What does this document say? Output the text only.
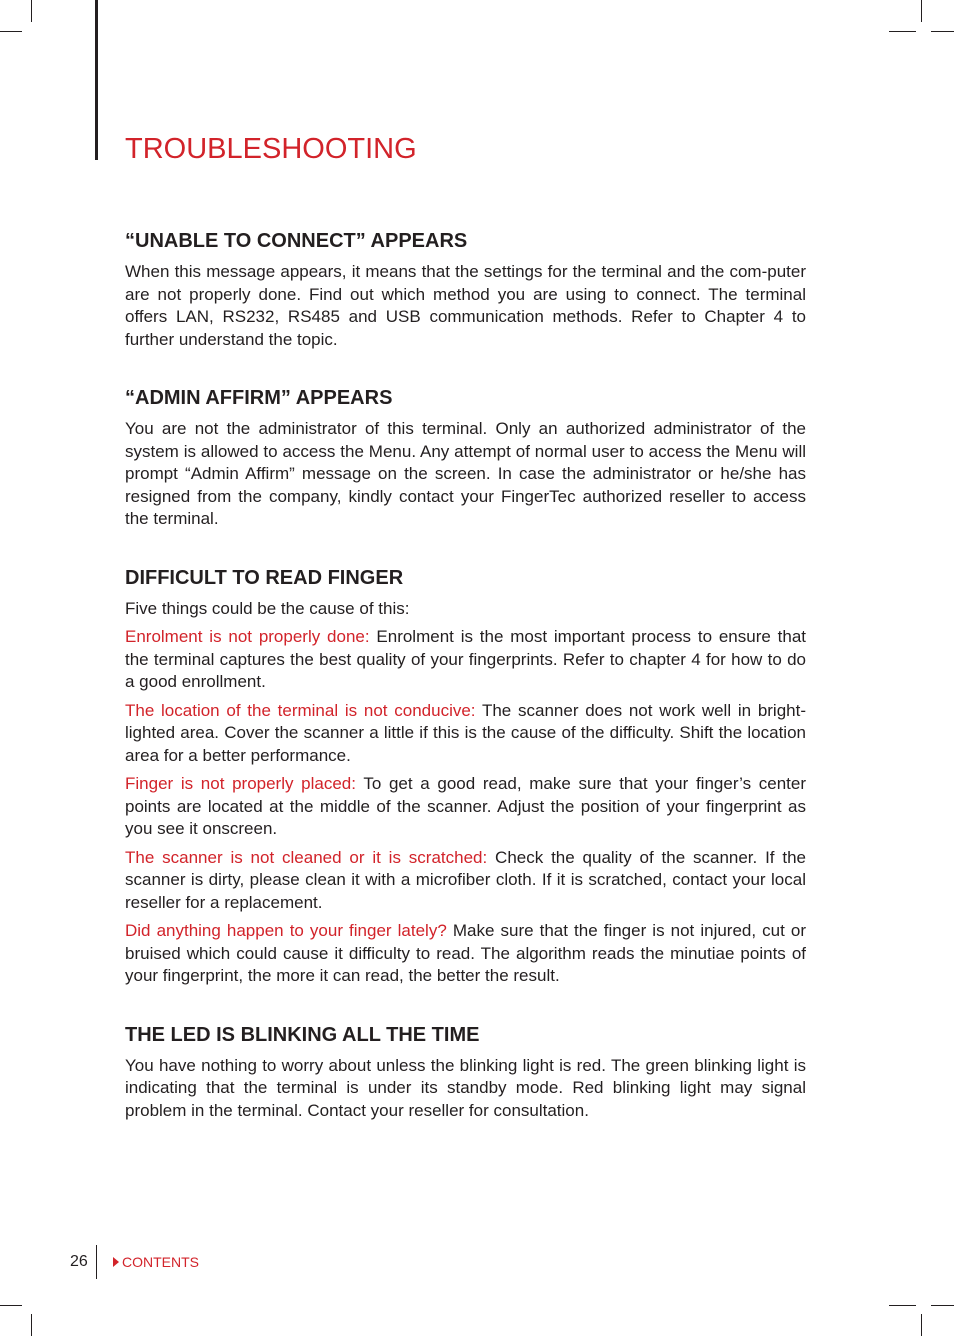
TROUBLESHOOTING
“UNABLE TO CONNECT” APPEARS

When this message appears, it means that the settings for the terminal and the com-puter are not properly done. Find out which method you are using to connect. The terminal offers LAN, RS232, RS485 and USB communication methods. Refer to Chapter 4 to further understand the topic.

“ADMIN AFFIRM” APPEARS

You are not the administrator of this terminal. Only an authorized administrator of the system is allowed to access the Menu. Any attempt of normal user to access the Menu will prompt “Admin Affirm” message on the screen. In case the administrator or he/she has resigned from the company, kindly contact your FingerTec authorized reseller to access the terminal.

DIFFICULT TO READ FINGER

Five things could be the cause of this:

Enrolment is not properly done: Enrolment is the most important process to ensure that the terminal captures the best quality of your fingerprints. Refer to chapter 4 for how to do a good enrollment.

The location of the terminal is not conducive: The scanner does not work well in bright-lighted area. Cover the scanner a little if this is the cause of the difficulty. Shift the location area for a better performance.

Finger is not properly placed: To get a good read, make sure that your finger’s center points are located at the middle of the scanner. Adjust the position of your fingerprint as you see it onscreen.

The scanner is not cleaned or it is scratched: Check the quality of the scanner. If the scanner is dirty, please clean it with a microfiber cloth. If it is scratched, contact your local reseller for a replacement.

Did anything happen to your finger lately? Make sure that the finger is not injured, cut or bruised which could cause it difficulty to read. The algorithm reads the minutiae points of your fingerprint, the more it can read, the better the result.

THE LED IS BLINKING ALL THE TIME

You have nothing to worry about unless the blinking light is red. The green blinking light is indicating that the terminal is under its standby mode. Red blinking light may signal problem in the terminal. Contact your reseller for consultation.

26 CONTENTS
